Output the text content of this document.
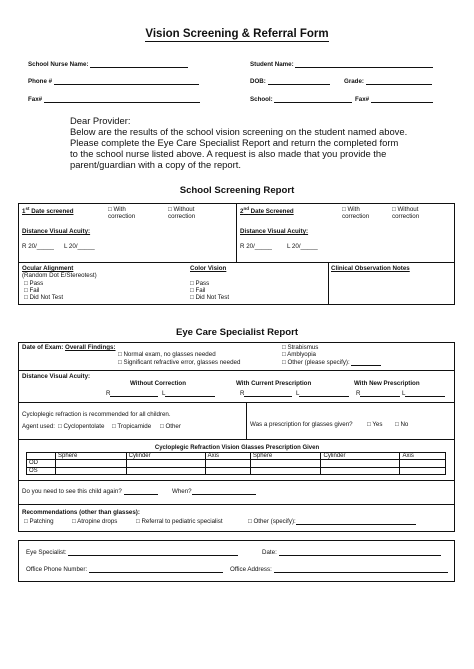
Vision Screening & Referral Form
School Nurse Name:	Student Name:
Phone #	DOB:	Grade:
Fax#	School:	Fax#
Dear Provider:
Below are the results of the school vision screening on the student named above.
Please complete the Eye Care Specialist Report and return the completed form
to the school nurse listed above. A request is also made that you provide the
parent/guardian with a copy of the report.
School Screening Report
1st Date screened	□ With
correction
□ Without
correction
Distance Visual Acuity:
R 20/_____ L 20/_____
2nd Date Screened	□ With
correction
□ Without
correction
Distance Visual Acuity:
R 20/_____ L 20/_____
Ocular Alignment
(Random Dot E/Stereotest)
□ Pass
□ Fail
□ Did Not Test
Color Vision
□ Pass
□ Fail
□ Did Not Test
Clinical Observation Notes
Eye Care Specialist Report
Date of Exam: Overall Findings:
□ Normal exam, no glasses needed
□ Significant refractive error, glasses needed
□ Strabismus
□ Amblyopia
□ Other (please specify):
Distance Visual Acuity:
Without Correction	With Current Prescription	With New Prescription
R	L	R	L	R	L
Cycloplegic refraction is recommended for all children.
Agent used: □ Cyclopentolate □ Tropicamide □ Other	Was a prescription for glasses given? □ Yes □ No
Cycloplegic Refraction Vision Glasses Prescription Given						
	Sphere	Cylinder	Axis	Sphere	Cylinder	Axis
OD						
OS						
Do you need to see this child again?	When?
Recommendations (other than glasses):
□ Patching	□ Atropine drops	□ Referral to pediatric specialist	□ Other (specify):
Eye Specialist:	Date:
Office Phone Number:	Office Address:
